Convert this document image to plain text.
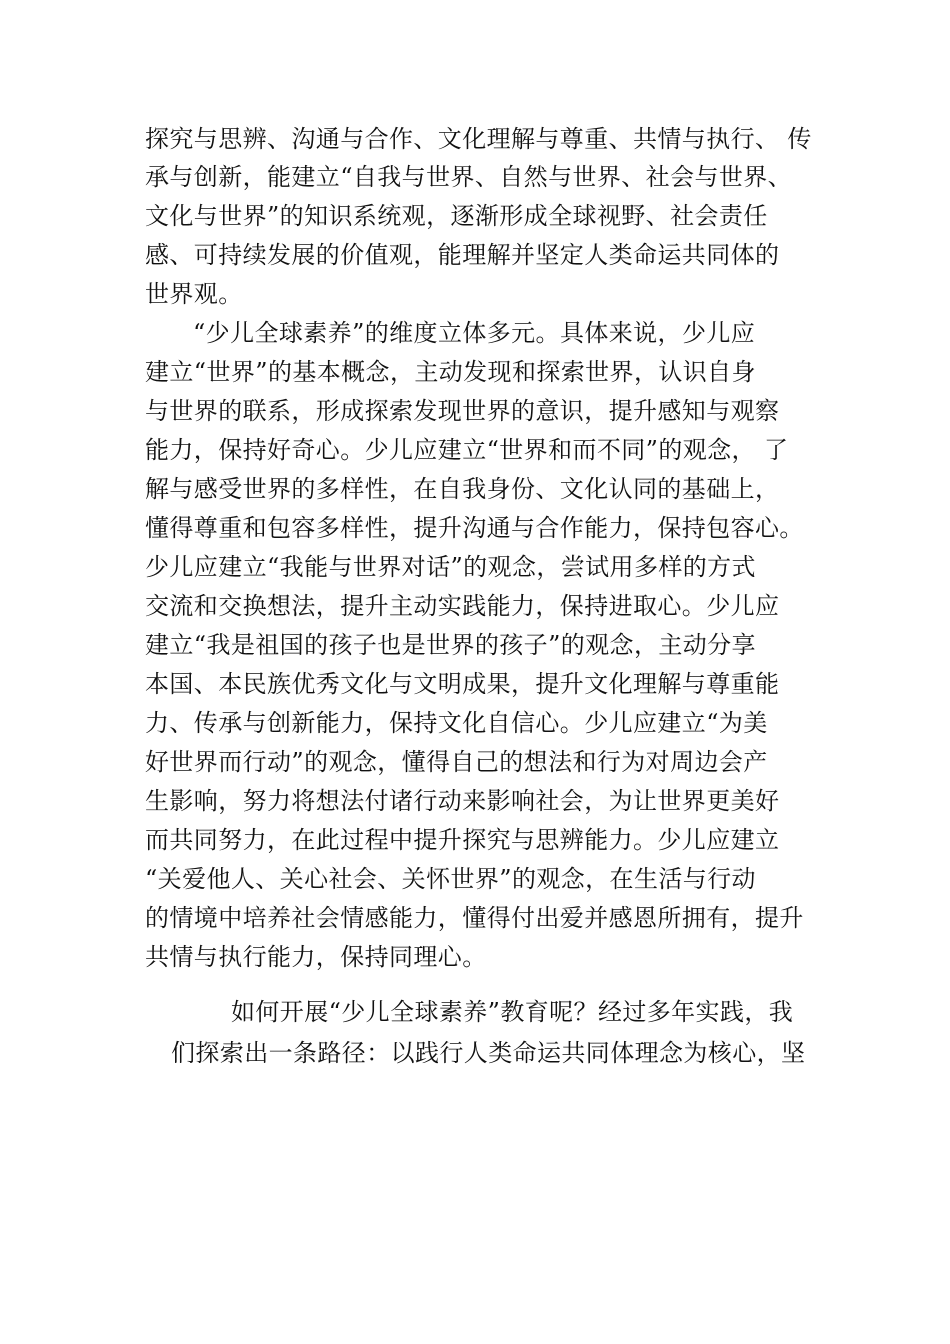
探究与思辨、沟通与合作、文化理解与尊重、共情与执行、 传
承与创新，能建立“自我与世界、自然与世界、社会与世界、
文化与世界”的知识系统观，逐渐形成全球视野、社会责任
感、可持续发展的价值观，能理解并坚定人类命运共同体的
世界观。
“少儿全球素养”的维度立体多元。具体来说，少儿应
建立“世界”的基本概念，主动发现和探索世界，认识自身
与世界的联系，形成探索发现世界的意识，提升感知与观察
能力，保持好奇心。少儿应建立“世界和而不同”的观念， 了
解与感受世界的多样性，在自我身份、文化认同的基础上，
懂得尊重和包容多样性，提升沟通与合作能力，保持包容心。
少儿应建立“我能与世界对话”的观念，尝试用多样的方式
交流和交换想法，提升主动实践能力，保持进取心。少儿应
建立“我是祖国的孩子也是世界的孩子”的观念，主动分享
本国、本民族优秀文化与文明成果，提升文化理解与尊重能
力、传承与创新能力，保持文化自信心。少儿应建立“为美
好世界而行动”的观念，懂得自己的想法和行为对周边会产
生影响，努力将想法付诸行动来影响社会，为让世界更美好
而共同努力，在此过程中提升探究与思辨能力。少儿应建立
“关爱他人、关心社会、关怀世界”的观念，在生活与行动
的情境中培养社会情感能力，懂得付出爱并感恩所拥有，提升
共情与执行能力，保持同理心。
如何开展“少儿全球素养”教育呢？经过多年实践，我
们探索出一条路径：以践行人类命运共同体理念为核心，坚
